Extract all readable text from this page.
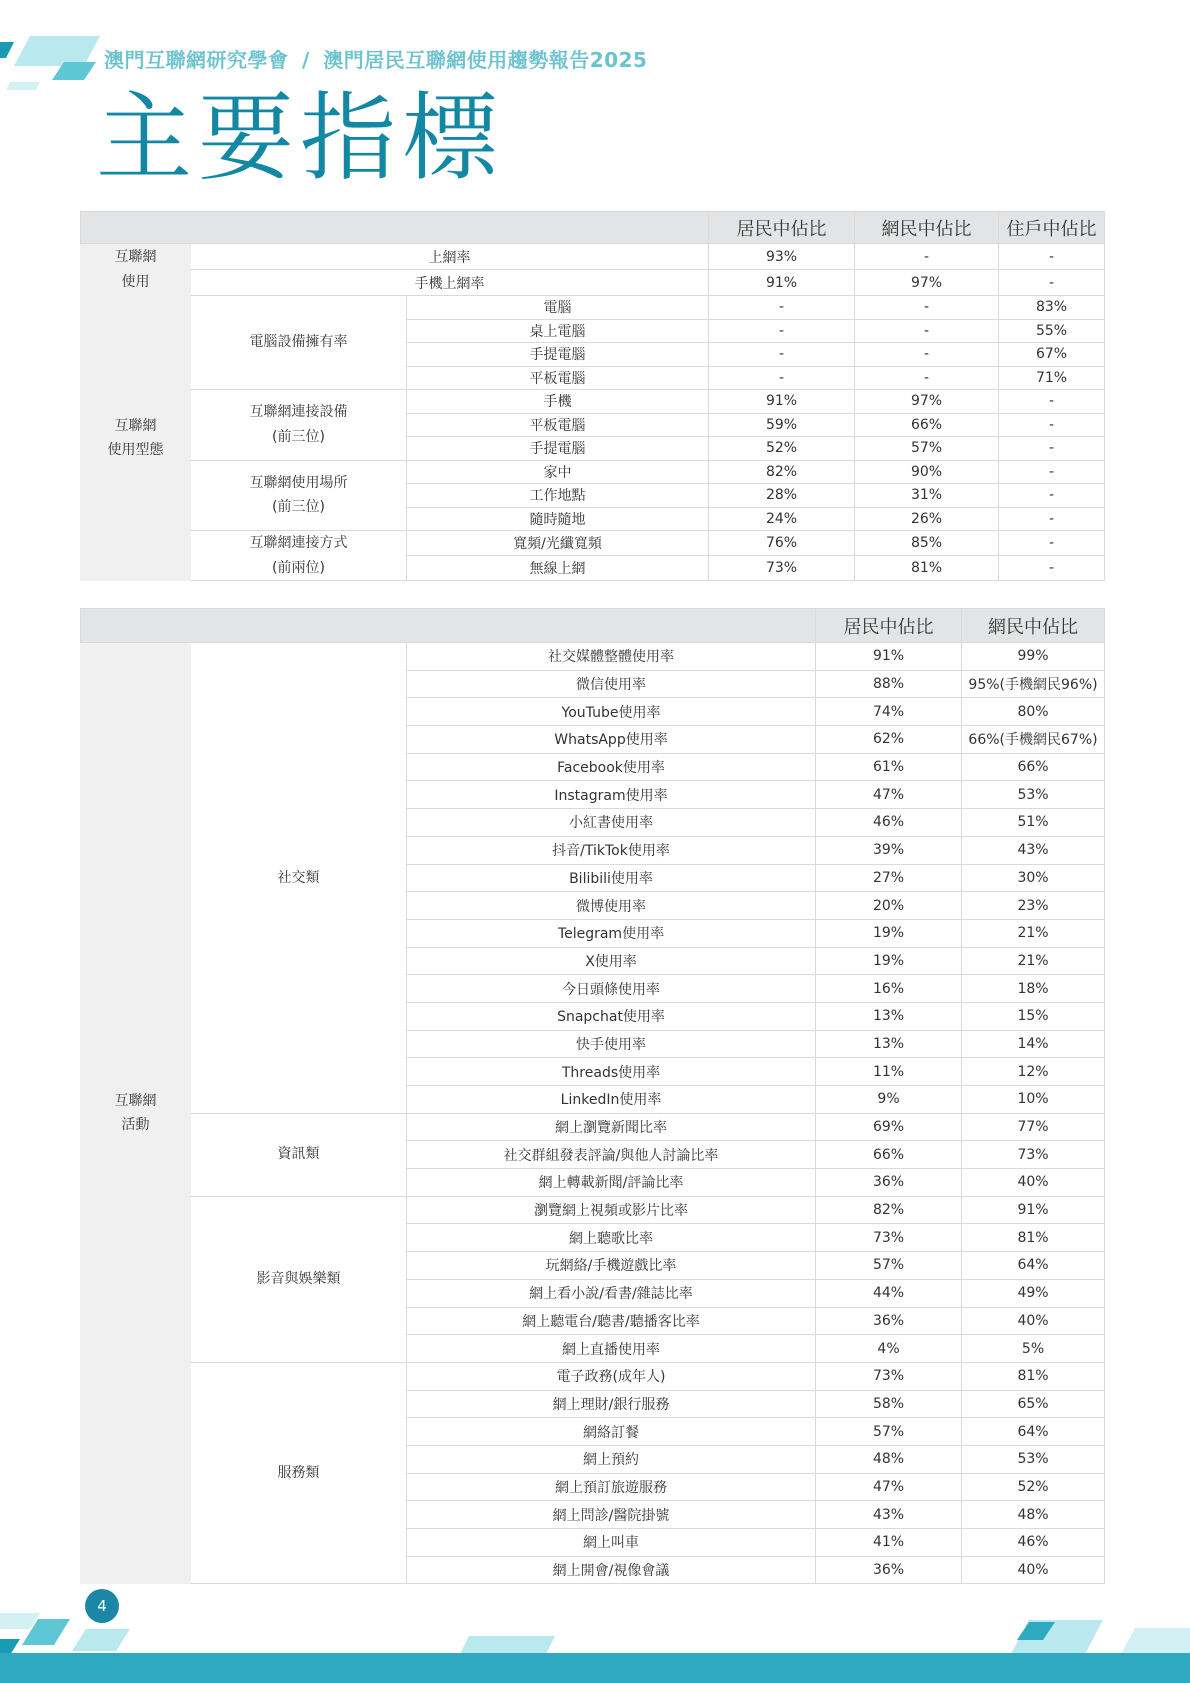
澳門互聯網研究學會 / 澳門居民互聯網使用趨勢報告2025
主要指標
			居民中佔比	網民中佔比	住戶中佔比
互聯網
使用	上網率		93%	-	-
	手機上網率		91%	97%	-
互聯網
使用型態	電腦設備擁有率	電腦	-	-	83%
		桌上電腦	-	-	55%
		手提電腦	-	-	67%
		平板電腦	-	-	71%
	互聯網連接設備
(前三位)	手機	91%	97%	-
		平板電腦	59%	66%	-
		手提電腦	52%	57%	-
	互聯網使用場所
(前三位)	家中	82%	90%	-
		工作地點	28%	31%	-
		隨時隨地	24%	26%	-
	互聯網連接方式
(前兩位)	寬頻/光纖寬頻	76%	85%	-
		無線上網	73%	81%	-
			居民中佔比	網民中佔比
互聯網
活動	社交類	社交媒體整體使用率	91%	99%
		微信使用率	88%	95%(手機網民96%)
		YouTube使用率	74%	80%
		WhatsApp使用率	62%	66%(手機網民67%)
		Facebook使用率	61%	66%
		Instagram使用率	47%	53%
		小紅書使用率	46%	51%
		抖音/TikTok使用率	39%	43%
		Bilibili使用率	27%	30%
		微博使用率	20%	23%
		Telegram使用率	19%	21%
		X使用率	19%	21%
		今日頭條使用率	16%	18%
		Snapchat使用率	13%	15%
		快手使用率	13%	14%
		Threads使用率	11%	12%
		LinkedIn使用率	9%	10%
	資訊類	網上瀏覽新聞比率	69%	77%
		社交群組發表評論/與他人討論比率	66%	73%
		網上轉載新聞/評論比率	36%	40%
	影音與娛樂類	瀏覽網上視頻或影片比率	82%	91%
		網上聽歌比率	73%	81%
		玩網絡/手機遊戲比率	57%	64%
		網上看小說/看書/雜誌比率	44%	49%
		網上聽電台/聽書/聽播客比率	36%	40%
		網上直播使用率	4%	5%
	服務類	電子政務(成年人)	73%	81%
		網上理財/銀行服務	58%	65%
		網絡訂餐	57%	64%
		網上預約	48%	53%
		網上預訂旅遊服務	47%	52%
		網上問診/醫院掛號	43%	48%
		網上叫車	41%	46%
		網上開會/視像會議	36%	40%
4
